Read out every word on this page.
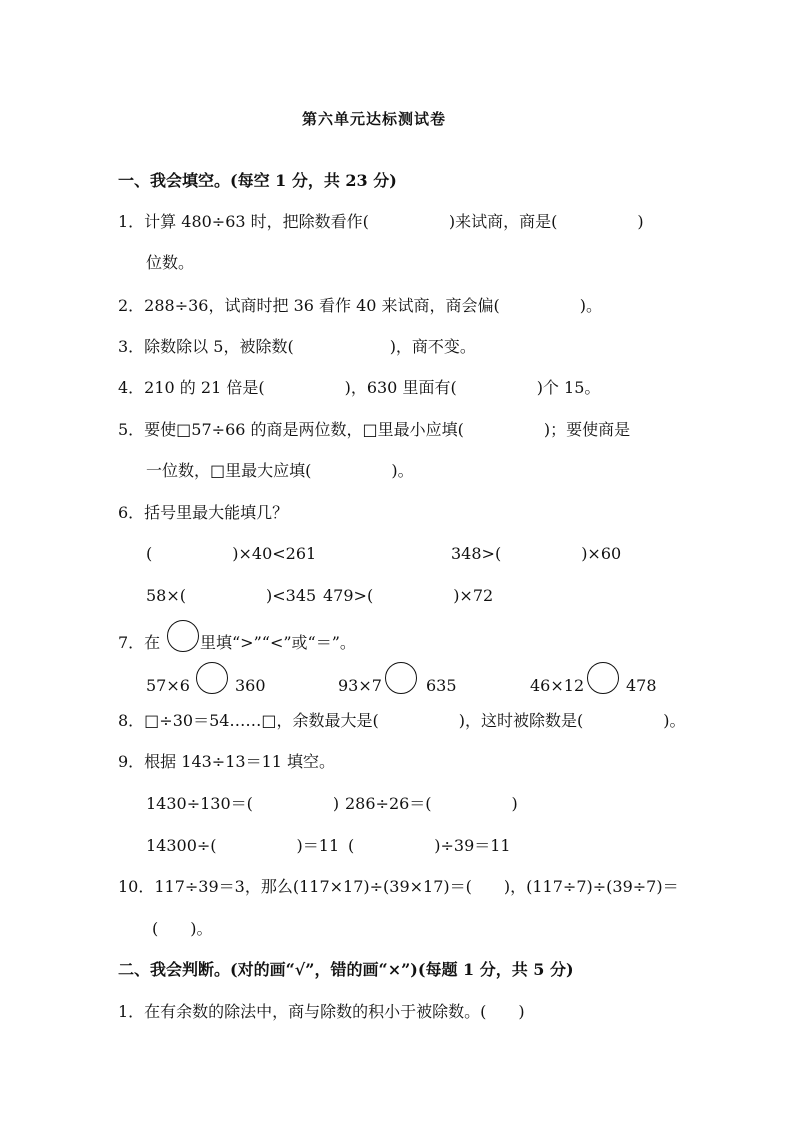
第六单元达标测试卷
一、我会填空。(每空 1 分，共 23 分)
1．计算 480÷63 时，把除数看作(　　　　　)来试商，商是(　　　　　)
位数。
2．288÷36，试商时把 36 看作 40 来试商，商会偏(　　　　　)。
3．除数除以 5，被除数(　　　　　　)，商不变。
4．210 的 21 倍是(　　　　　)，630 里面有(　　　　　)个 15。
5．要使□57÷66 的商是两位数，□里最小应填(　　　　　)；要使商是
一位数，□里最大应填(　　　　　)。
6．括号里最大能填几？
(　　　　　)×40<261	348>(　　　　　)×60
58×(　　　　　)<345 479>(　　　　　)×72
7．在 里填“>”“<”或“＝”。
57×6	360	93×7	635	46×12	478
8．□÷30＝54……□，余数最大是(　　　　　)，这时被除数是(　　　　　)。
9．根据 143÷13＝11 填空。
1430÷130＝(　　　　　) 286÷26＝(　　　　　)
14300÷(　　　　　)＝11 (　　　　　)÷39＝11
10．117÷39＝3，那么(117×17)÷(39×17)＝(　　)，(117÷7)÷(39÷7)＝
(　　)。
二、我会判断。(对的画“√”，错的画“×”)(每题 1 分，共 5 分)
1．在有余数的除法中，商与除数的积小于被除数。(　　)
